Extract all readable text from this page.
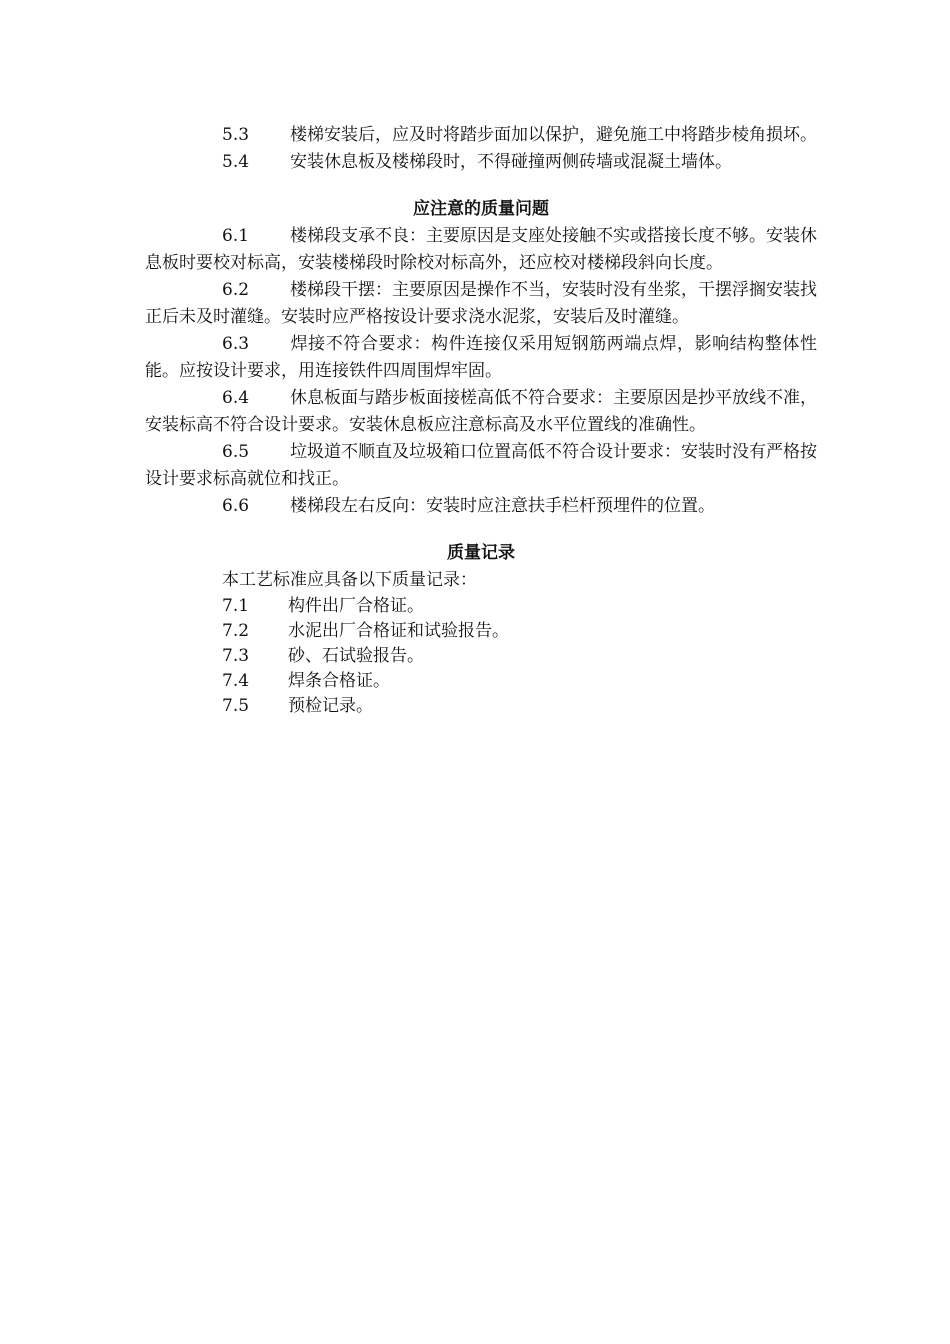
5.3 楼梯安装后，应及时将踏步面加以保护，避免施工中将踏步棱角损坏。

5.4 安装休息板及楼梯段时，不得碰撞两侧砖墙或混凝土墙体。

应注意的质量问题

6.1 楼梯段支承不良：主要原因是支座处接触不实或搭接长度不够。安装休息板时要校对标高，安装楼梯段时除校对标高外，还应校对楼梯段斜向长度。

6.2 楼梯段干摆：主要原因是操作不当，安装时没有坐浆，干摆浮搁安装找正后未及时灌缝。安装时应严格按设计要求浇水泥浆，安装后及时灌缝。

6.3 焊接不符合要求：构件连接仅采用短钢筋两端点焊，影响结构整体性能。应按设计要求，用连接铁件四周围焊牢固。

6.4 休息板面与踏步板面接槎高低不符合要求：主要原因是抄平放线不准，安装标高不符合设计要求。安装休息板应注意标高及水平位置线的准确性。

6.5 垃圾道不顺直及垃圾箱口位置高低不符合设计要求：安装时没有严格按设计要求标高就位和找正。

6.6 楼梯段左右反向：安装时应注意扶手栏杆预埋件的位置。

质量记录

本工艺标准应具备以下质量记录：

7.1 构件出厂合格证。

7.2 水泥出厂合格证和试验报告。

7.3 砂、石试验报告。

7.4 焊条合格证。

7.5 预检记录。
